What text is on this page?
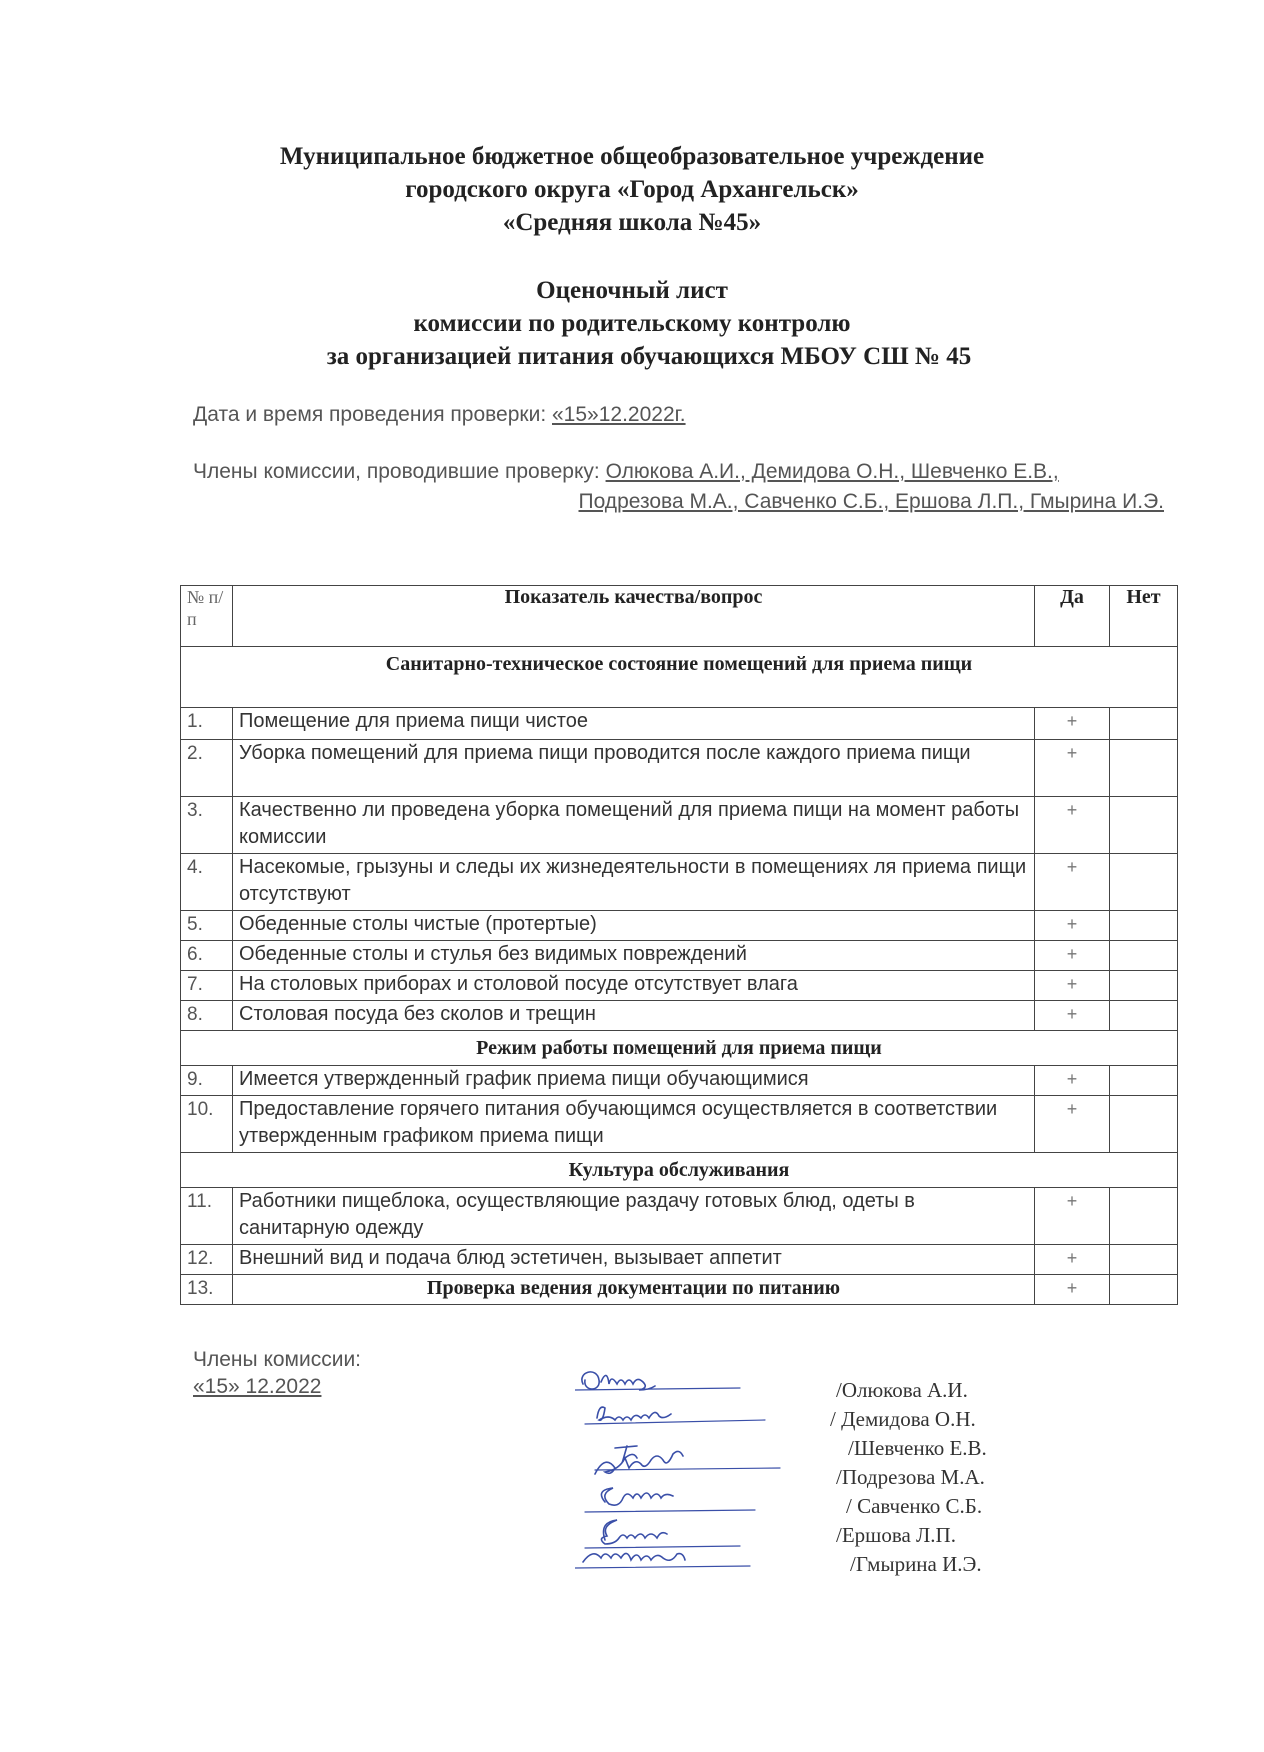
Муниципальное бюджетное общеобразовательное учреждение
городского округа «Город Архангельск»
«Средняя школа №45»
Оценочный лист
комиссии по родительскому контролю
за организацией питания обучающихся МБОУ СШ № 45
Дата и время проведения проверки: «15»12.2022г.
Члены комиссии, проводившие проверку: Олюкова А.И., Демидова О.Н., Шевченко Е.В.,
Подрезова М.А., Савченко С.Б., Ершова Л.П., Гмырина И.Э.
№ п/п	Показатель качества/вопрос	Да	Нет
Санитарно-техническое состояние помещений для приема пищи			
1.	Помещение для приема пищи чистое	+	
2.	Уборка помещений для приема пищи проводится после каждого приема пищи	+	
3.	Качественно ли проведена уборка помещений для приема пищи на момент работы комиссии	+	
4.	Насекомые, грызуны и следы их жизнедеятельности в помещениях ля приема пищи отсутствуют	+	
5.	Обеденные столы чистые (протертые)	+	
6.	Обеденные столы и стулья без видимых повреждений	+	
7.	На столовых приборах и столовой посуде отсутствует влага	+	
8.	Столовая посуда без сколов и трещин	+	
Режим работы помещений для приема пищи			
9.	Имеется утвержденный график приема пищи обучающимися	+	
10.	Предоставление горячего питания обучающимся осуществляется в соответствии утвержденным графиком приема пищи	+	
Культура обслуживания			
11.	Работники пищеблока, осуществляющие раздачу готовых блюд, одеты в санитарную одежду	+	
12.	Внешний вид и подача блюд эстетичен, вызывает аппетит	+	
13.	Проверка ведения документации по питанию	+	
Члены комиссии:
«15» 12.2022	/Олюкова А.И.
/ Демидова О.Н.
/Шевченко Е.В.
/Подрезова М.А.
/ Савченко С.Б.
/Ершова Л.П.
/Гмырина И.Э.
